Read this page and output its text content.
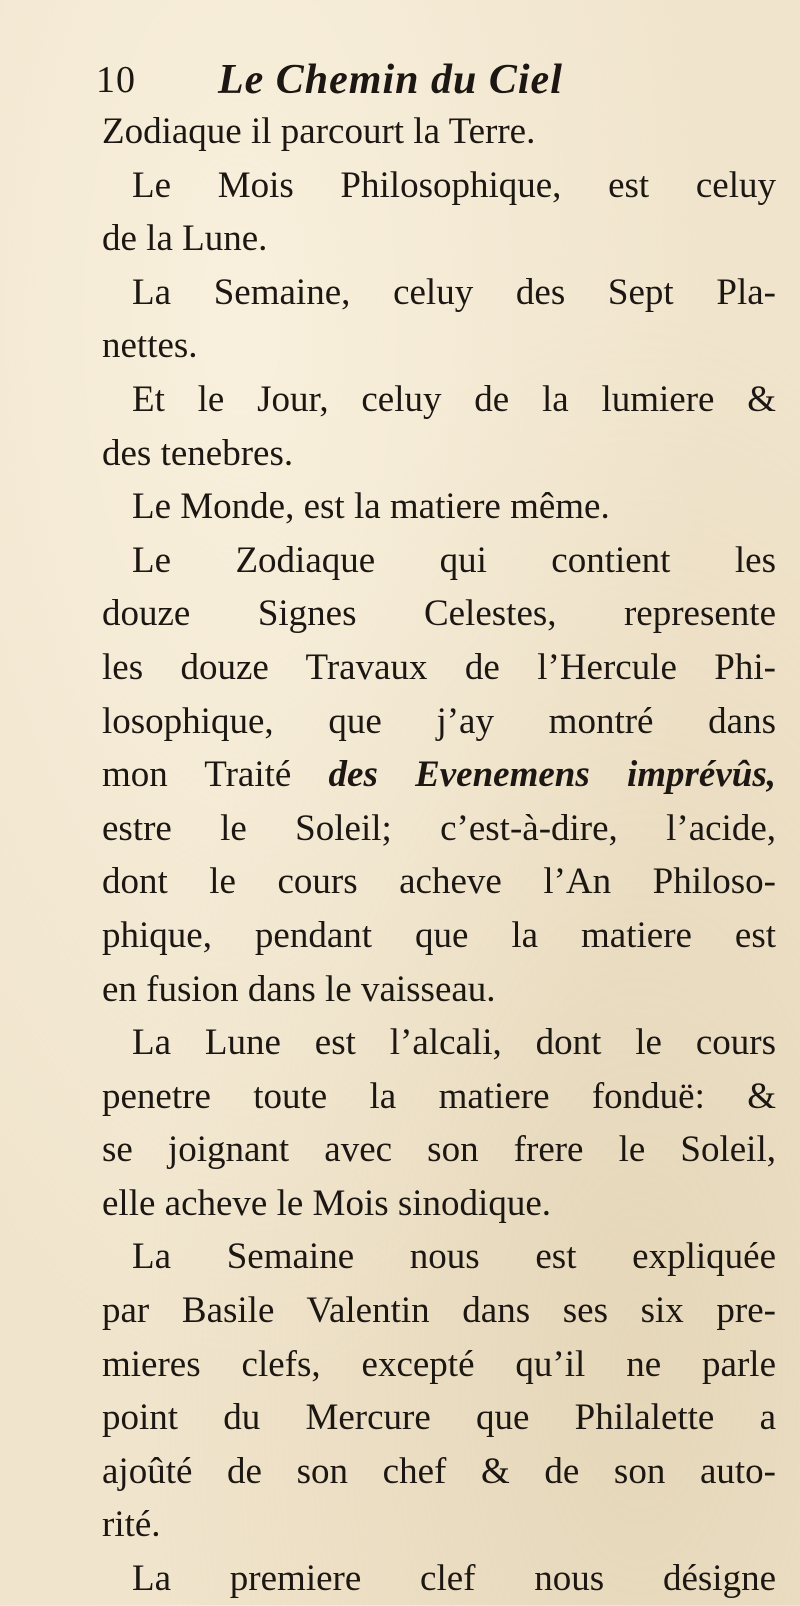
10 Le Chemin du Ciel
Zodiaque il parcourt la Terre.
Le Mois Philosophique, est celuy
de la Lune.
La Semaine, celuy des Sept Pla-
nettes.
Et le Jour, celuy de la lumiere &
des tenebres.
Le Monde, est la matiere même.
Le Zodiaque qui contient les
douze Signes Celestes, represente
les douze Travaux de l’Hercule Phi-
losophique, que j’ay montré dans
mon Traité des Evenemens imprévûs,
estre le Soleil; c’est-à-dire, l’acide,
dont le cours acheve l’An Philoso-
phique, pendant que la matiere est
en fusion dans le vaisseau.
La Lune est l’alcali, dont le cours
penetre toute la matiere fonduë: &
se joignant avec son frere le Soleil,
elle acheve le Mois sinodique.
La Semaine nous est expliquée
par Basile Valentin dans ses six pre-
mieres clefs, excepté qu’il ne parle
point du Mercure que Philalette a
ajoûté de son chef & de son auto-
rité.
La premiere clef nous désigne
